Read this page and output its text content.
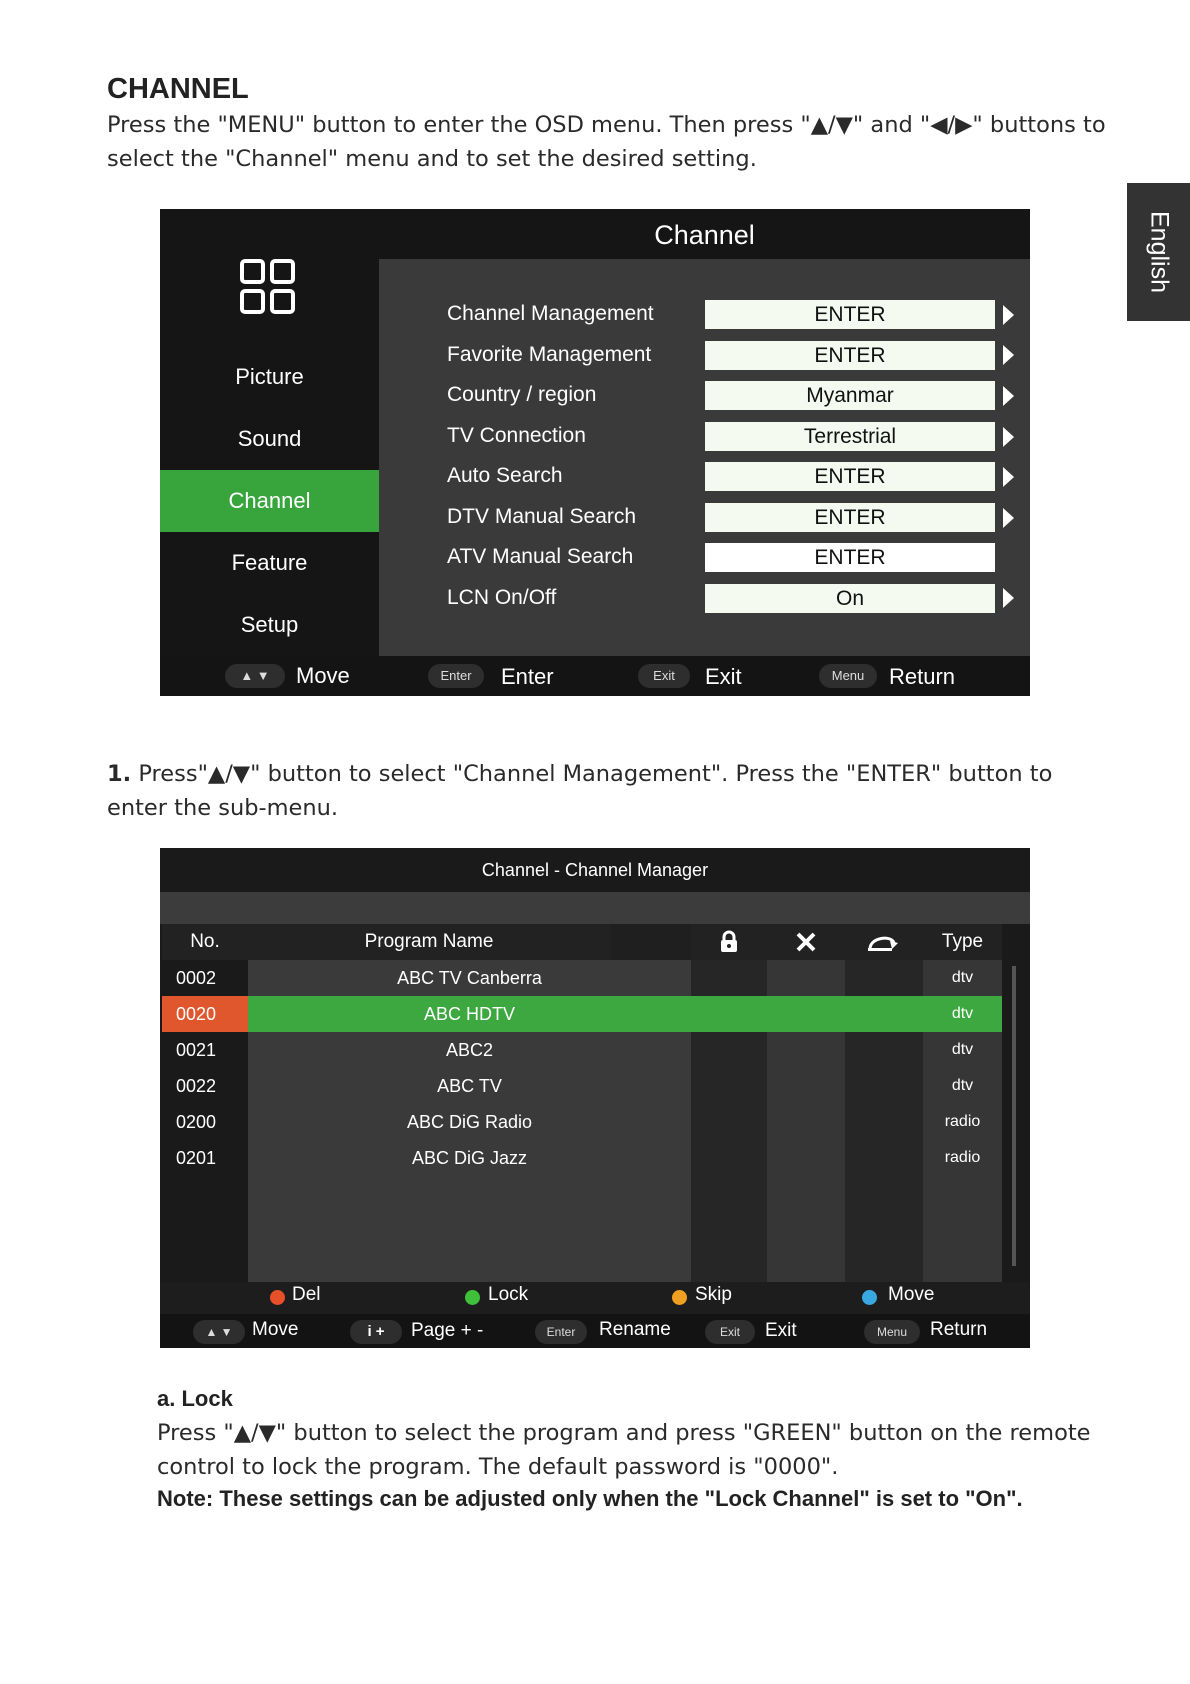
English
CHANNEL

Press the "MENU" button to enter the OSD menu. Then press "▲/▼" and "◀/▶" buttons to select the "Channel" menu and to set the desired setting.

Picture
Sound
Channel
Feature
Setup
Channel
Channel Management	ENTER
Favorite Management	ENTER
Country / region	Myanmar
TV Connection	Terrestrial
Auto Search	ENTER
DTV Manual Search	ENTER
ATV Manual Search	ENTER
LCN On/Off	On
▲ ▼	Move	Enter	Enter	Exit	Exit	Menu	Return

1. Press"▲/▼" button to select "Channel Management". Press the "ENTER" button to enter the sub-menu.

Channel - Channel Manager
No.	Program Name	Type
0002	ABC TV Canberra	dtv
0020	ABC HDTV	dtv
0021	ABC2	dtv
0022	ABC TV	dtv
0200	ABC DiG Radio	radio
0201	ABC DiG Jazz	radio
Del	Lock	Skip	Move
▲ ▼	Move	i +	Page + -	Enter	Rename	Exit	Exit	Menu	Return
a. Lock

Press "▲/▼" button to select the program and press "GREEN" button on the remote control to lock the program. The default password is "0000".

Note: These settings can be adjusted only when the "Lock Channel" is set to "On".
